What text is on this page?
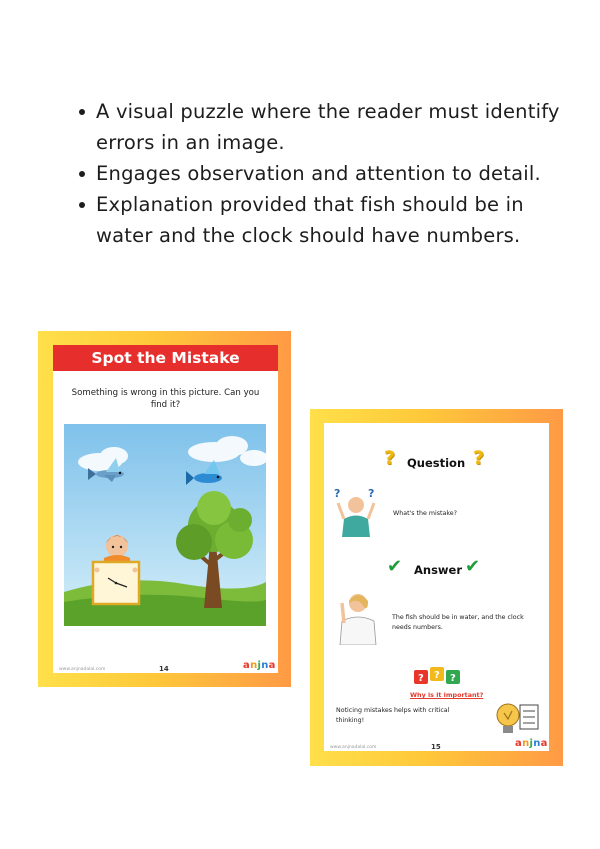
A visual puzzle where the reader must identify errors in an image.
Engages observation and attention to detail.
Explanation provided that fish should be in water and the clock should have numbers.
Spot the Mistake
Something is wrong in this picture. Can you find it?
www.anjnadalal.com	14	anjna
? Question ?
?	?
What's the mistake?
✔ Answer ✔
The fish should be in water, and the clock needs numbers.
? ? ?
Why is it important?
Noticing mistakes helps with critical thinking!
www.anjnadalal.com	15	anjna
